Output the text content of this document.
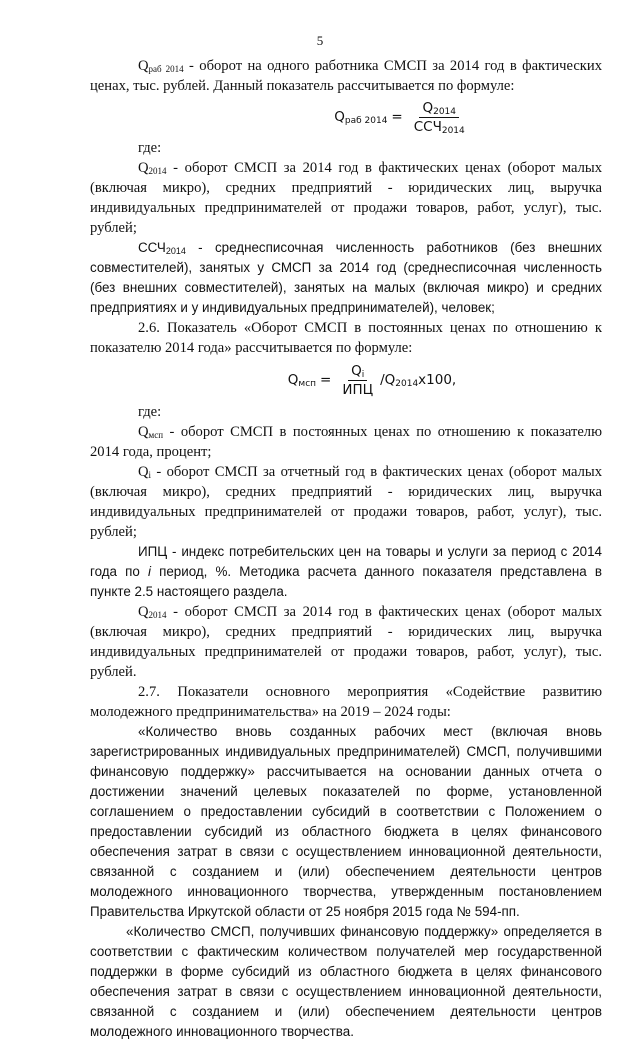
5

$Q_{раб 2014}$ - оборот на одного работника СМСП за 2014 год в фактических ценах, тыс. рублей. Данный показатель рассчитывается по формуле:

$Q_{раб 2014} = \frac{Q_{2014}}{ССЧ_{2014}}$

где:

$Q_{2014}$ - оборот СМСП за 2014 год в фактических ценах (оборот малых (включая микро), средних предприятий - юридических лиц, выручка индивидуальных предпринимателей от продажи товаров, работ, услуг), тыс. рублей;

$ССЧ_{2014}$ - среднесписочная численность работников (без внешних совместителей), занятых у СМСП за 2014 год (среднесписочная численность (без внешних совместителей), занятых на малых (включая микро) и средних предприятиях и у индивидуальных предпринимателей), человек;

2.6. Показатель «Оборот СМСП в постоянных ценах по отношению к показателю 2014 года» рассчитывается по формуле:

$Q_{мсп} = \frac{Q_i}{\text{ИПЦ}} /Q_{2014}x100$,

где:

$Q_{мсп}$ - оборот СМСП в постоянных ценах по отношению к показателю 2014 года, процент;

$Q_i$ - оборот СМСП за отчетный год в фактических ценах (оборот малых (включая микро), средних предприятий - юридических лиц, выручка индивидуальных предпринимателей от продажи товаров, работ, услуг), тыс. рублей;

ИПЦ - индекс потребительских цен на товары и услуги за период с 2014 года по i период, %. Методика расчета данного показателя представлена в пункте 2.5 настоящего раздела.

$Q_{2014}$ - оборот СМСП за 2014 год в фактических ценах (оборот малых (включая микро), средних предприятий - юридических лиц, выручка индивидуальных предпринимателей от продажи товаров, работ, услуг), тыс. рублей.

2.7. Показатели основного мероприятия «Содействие развитию молодежного предпринимательства» на 2019 – 2024 годы:

«Количество вновь созданных рабочих мест (включая вновь зарегистрированных индивидуальных предпринимателей) СМСП, получившими финансовую поддержку» рассчитывается на основании данных отчета о достижении значений целевых показателей по форме, установленной соглашением о предоставлении субсидий в соответствии с Положением о предоставлении субсидий из областного бюджета в целях финансового обеспечения затрат в связи с осуществлением инновационной деятельности, связанной с созданием и (или) обеспечением деятельности центров молодежного инновационного творчества, утвержденным постановлением Правительства Иркутской области от 25 ноября 2015 года № 594-пп.

«Количество СМСП, получивших финансовую поддержку» определяется в соответствии с фактическим количеством получателей мер государственной поддержки в форме субсидий из областного бюджета в целях финансового обеспечения затрат в связи с осуществлением инновационной деятельности, связанной с созданием и (или) обеспечением деятельности центров молодежного инновационного творчества.
